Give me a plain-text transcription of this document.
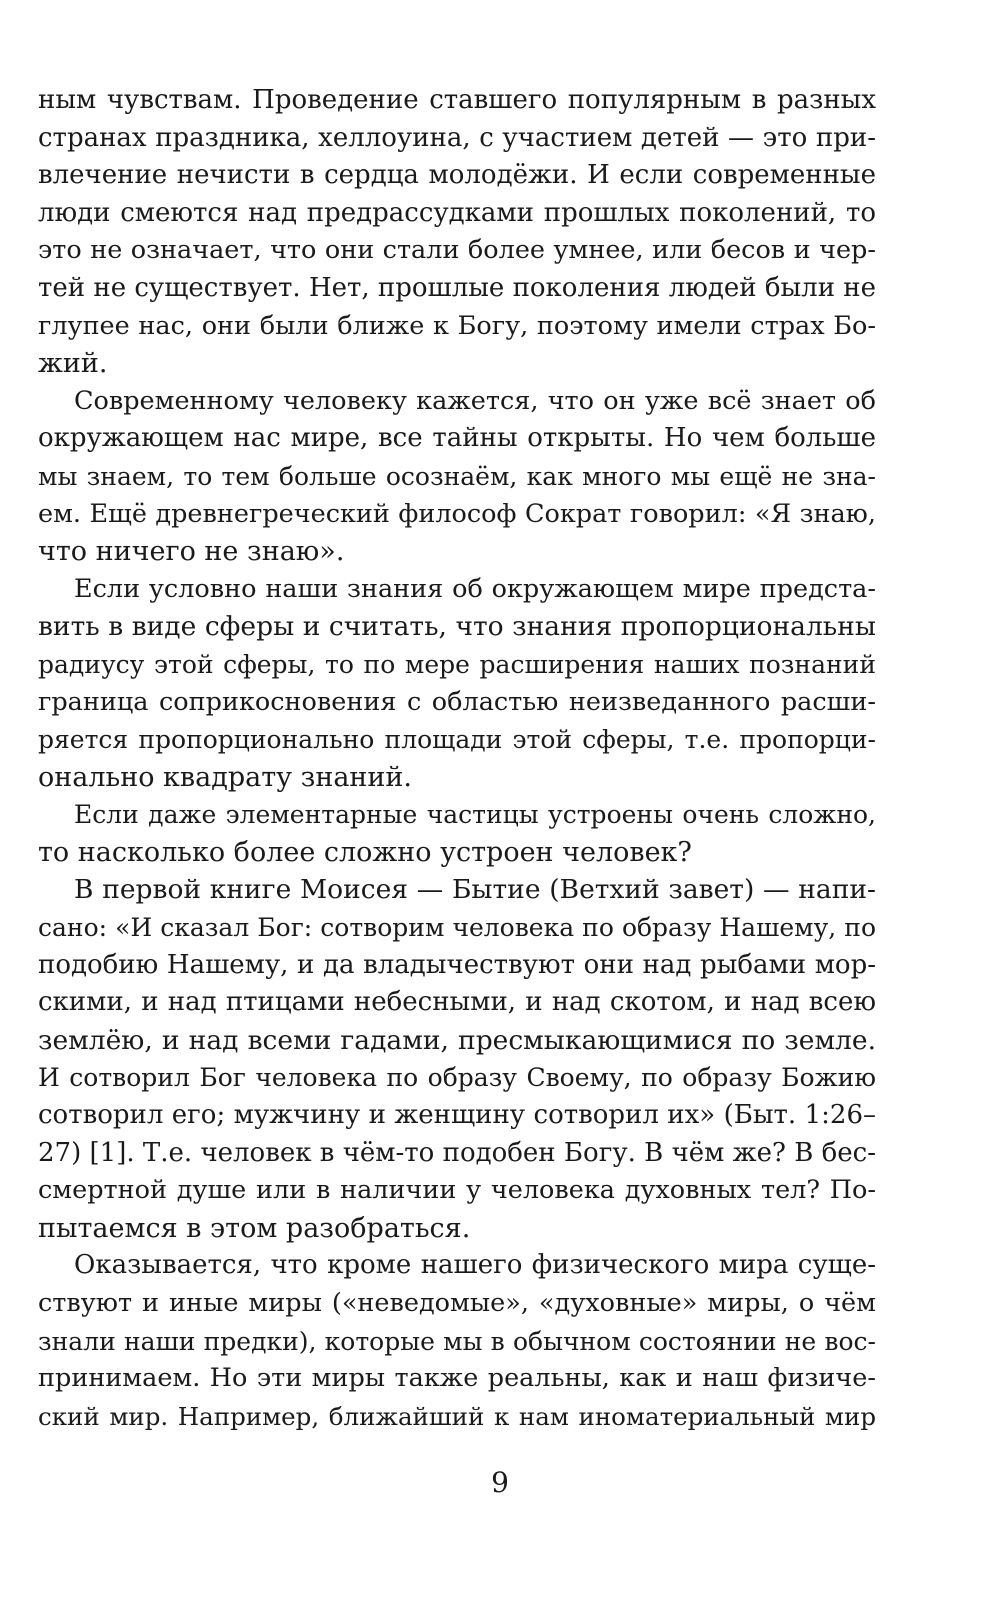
ным чувствам. Проведение ставшего популярным в разных
странах праздника, хеллоуина, с участием детей — это при-
влечение нечисти в сердца молодёжи. И если современные
люди смеются над предрассудками прошлых поколений, то
это не означает, что они стали более умнее, или бесов и чер-
тей не существует. Нет, прошлые поколения людей были не
глупее нас, они были ближе к Богу, поэтому имели страх Бо-
жий.
Современному человеку кажется, что он уже всё знает об
окружающем нас мире, все тайны открыты. Но чем больше
мы знаем, то тем больше осознаём, как много мы ещё не зна-
ем. Ещё древнегреческий философ Сократ говорил: «Я знаю,
что ничего не знаю».
Если условно наши знания об окружающем мире предста-
вить в виде сферы и считать, что знания пропорциональны
радиусу этой сферы, то по мере расширения наших познаний
граница соприкосновения с областью неизведанного расши-
ряется пропорционально площади этой сферы, т.е. пропорци-
онально квадрату знаний.
Если даже элементарные частицы устроены очень сложно,
то насколько более сложно устроен человек?
В первой книге Моисея — Бытие (Ветхий завет) — напи-
сано: «И сказал Бог: сотворим человека по образу Нашему, по
подобию Нашему, и да владычествуют они над рыбами мор-
скими, и над птицами небесными, и над скотом, и над всею
землёю, и над всеми гадами, пресмыкающимися по земле.
И сотворил Бог человека по образу Своему, по образу Божию
сотворил его; мужчину и женщину сотворил их» (Быт. 1:26–
27) [1]. Т.е. человек в чём-то подобен Богу. В чём же? В бес-
смертной душе или в наличии у человека духовных тел? По-
пытаемся в этом разобраться.
Оказывается, что кроме нашего физического мира суще-
ствуют и иные миры («неведомые», «духовные» миры, о чём
знали наши предки), которые мы в обычном состоянии не вос-
принимаем. Но эти миры также реальны, как и наш физиче-
ский мир. Например, ближайший к нам иноматериальный мир
9
